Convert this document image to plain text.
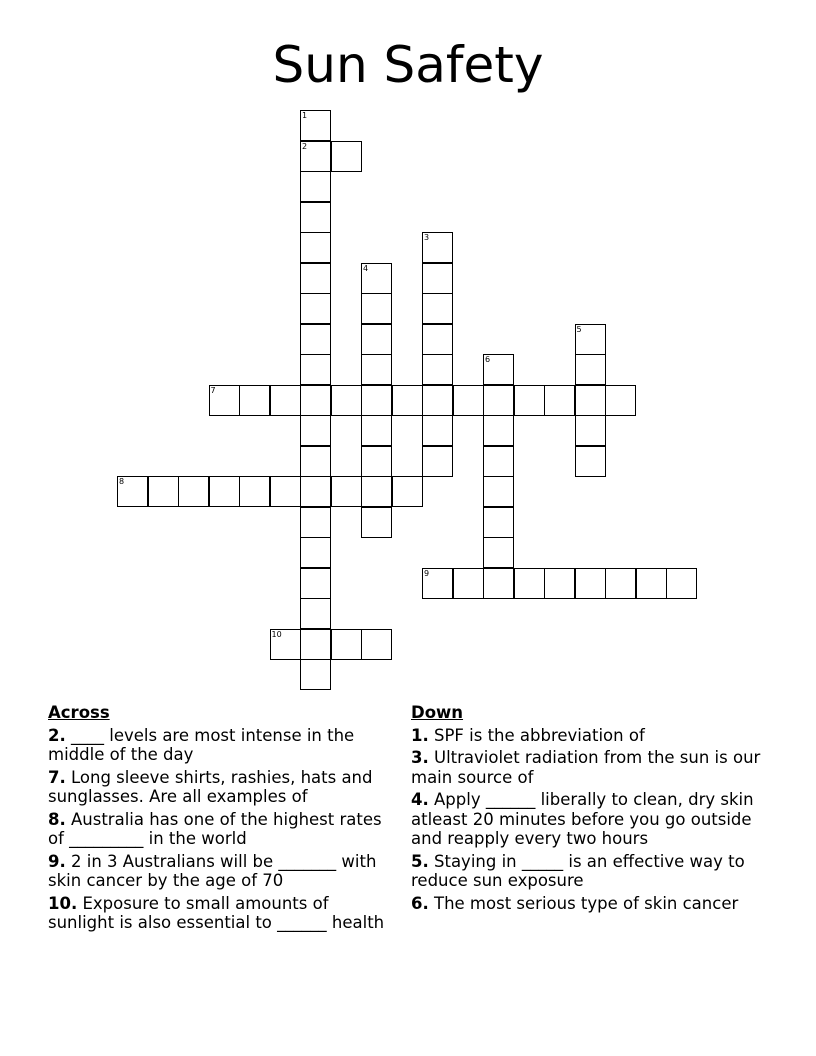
Sun Safety
1
2
3
4
5
6
7
8
9
10
Across
2. ____ levels are most intense in the middle of the day
7. Long sleeve shirts, rashies, hats and sunglasses. Are all examples of
8. Australia has one of the highest rates of _________ in the world
9. 2 in 3 Australians will be _______ with skin cancer by the age of 70
10. Exposure to small amounts of sunlight is also essential to ______ health
Down
1. SPF is the abbreviation of
3. Ultraviolet radiation from the sun is our main source of
4. Apply ______ liberally to clean, dry skin atleast 20 minutes before you go outside and reapply every two hours
5. Staying in _____ is an effective way to reduce sun exposure
6. The most serious type of skin cancer
